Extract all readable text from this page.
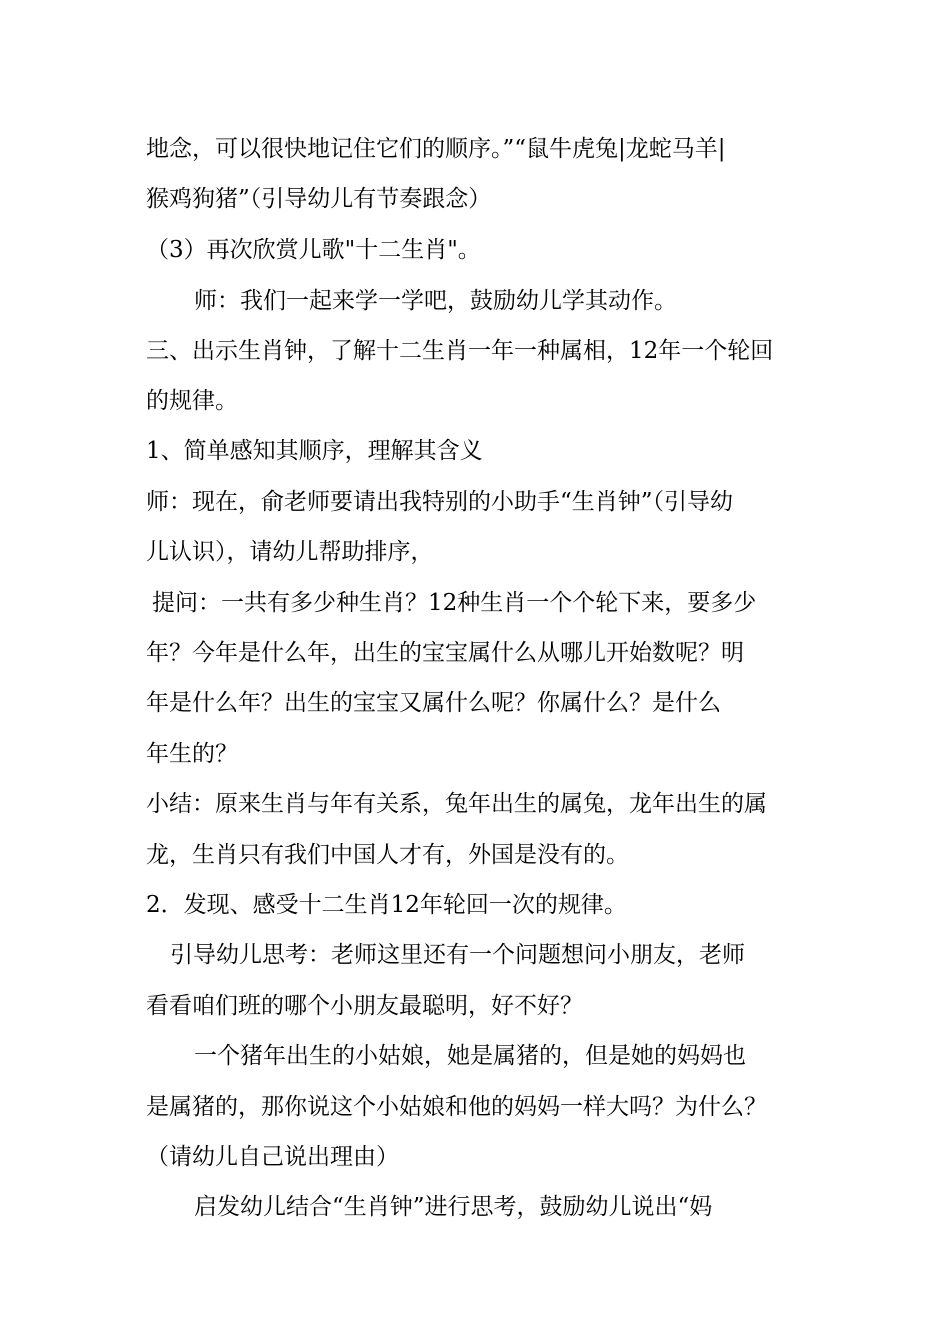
地念，可以很快地记住它们的顺序。”“鼠牛虎兔|龙蛇马羊|
猴鸡狗猪”（引导幼儿有节奏跟念）
（3）再次欣赏儿歌"十二生肖"。
师：我们一起来学一学吧，鼓励幼儿学其动作。
三、出示生肖钟，了解十二生肖一年一种属相，12年一个轮回
的规律。
1、简单感知其顺序，理解其含义
师：现在，俞老师要请出我特别的小助手“生肖钟”（引导幼
儿认识），请幼儿帮助排序，
提问：一共有多少种生肖？12种生肖一个个轮下来，要多少
年？今年是什么年，出生的宝宝属什么从哪儿开始数呢？明
年是什么年？出生的宝宝又属什么呢？你属什么？是什么
年生的？
小结：原来生肖与年有关系，兔年出生的属兔，龙年出生的属
龙，生肖只有我们中国人才有，外国是没有的。
2．发现、感受十二生肖12年轮回一次的规律。
引导幼儿思考：老师这里还有一个问题想问小朋友，老师
看看咱们班的哪个小朋友最聪明，好不好？
一个猪年出生的小姑娘，她是属猪的，但是她的妈妈也
是属猪的，那你说这个小姑娘和他的妈妈一样大吗？为什么？
（请幼儿自己说出理由）
启发幼儿结合“生肖钟”进行思考，鼓励幼儿说出“妈
